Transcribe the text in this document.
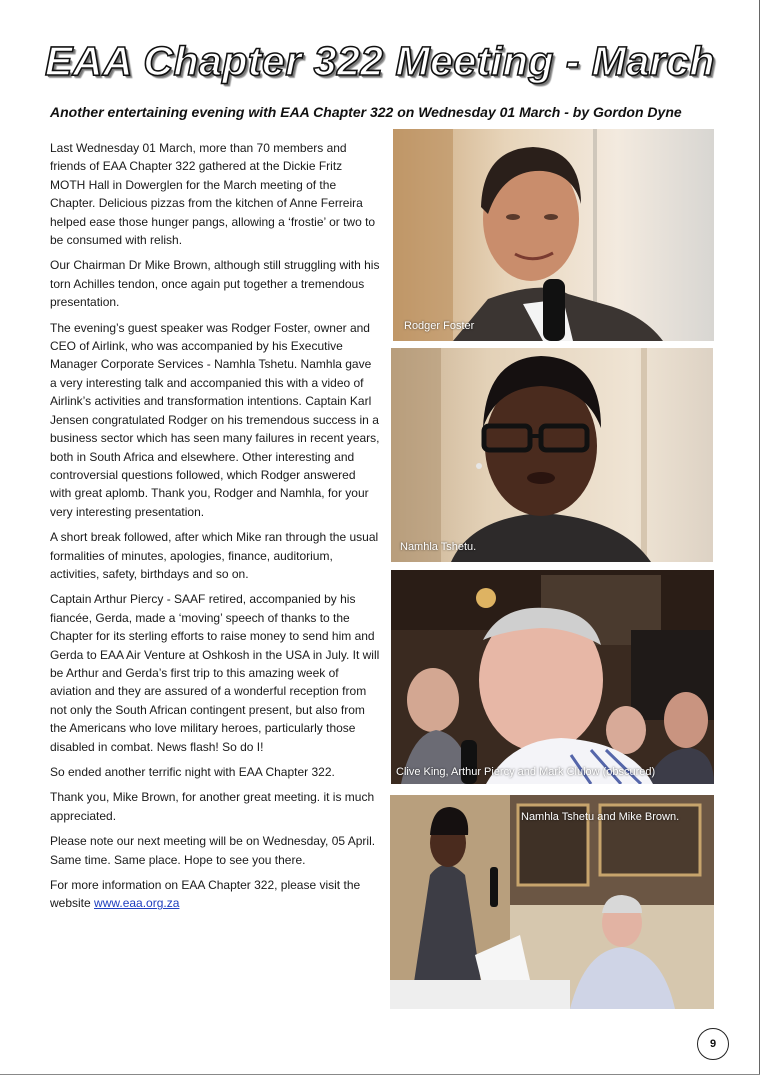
EAA Chapter 322 Meeting - March
Another entertaining evening with EAA Chapter 322 on Wednesday 01 March - by Gordon Dyne

Last Wednesday 01 March, more than 70 members and friends of EAA Chapter 322 gathered at the Dickie Fritz MOTH Hall in Dowerglen for the March meeting of the Chapter. Delicious pizzas from the kitchen of Anne Ferreira helped ease those hunger pangs, allowing a ‘frostie’ or two to be consumed with relish.

Our Chairman Dr Mike Brown, although still struggling with his torn Achilles tendon, once again put together a tremendous presentation.

The evening’s guest speaker was Rodger Foster, owner and CEO of Airlink, who was accompanied by his Executive Manager Corporate Services - Namhla Tshetu. Namhla gave a very interesting talk and accompanied this with a video of Airlink’s activities and transformation intentions. Captain Karl Jensen congratulated Rodger on his tremendous success in a business sector which has seen many failures in recent years, both in South Africa and elsewhere. Other interesting and controversial questions followed, which Rodger answered with great aplomb. Thank you, Rodger and Namhla, for your very interesting presentation.

A short break followed, after which Mike ran through the usual formalities of minutes, apologies, finance, auditorium, activities, safety, birthdays and so on.

Captain Arthur Piercy - SAAF retired, accompanied by his fiancée, Gerda, made a ‘moving’ speech of thanks to the Chapter for its sterling efforts to raise money to send him and Gerda to EAA Air Venture at Oshkosh in the USA in July. It will be Arthur and Gerda’s first trip to this amazing week of aviation and they are assured of a wonderful reception from not only the South African contingent present, but also from the Americans who love military heroes, particularly those disabled in combat. News flash! So do I!

So ended another terrific night with EAA Chapter 322.

Thank you, Mike Brown, for another great meeting. it is much appreciated.

Please note our next meeting will be on Wednesday, 05 April. Same time. Same place. Hope to see you there.

For more information on EAA Chapter 322, please visit the website www.eaa.org.za

Rodger Foster
Namhla Tshetu.
Clive King, Arthur Piercy and Mark Clulow (obscured)
Namhla Tshetu and Mike Brown.
9
